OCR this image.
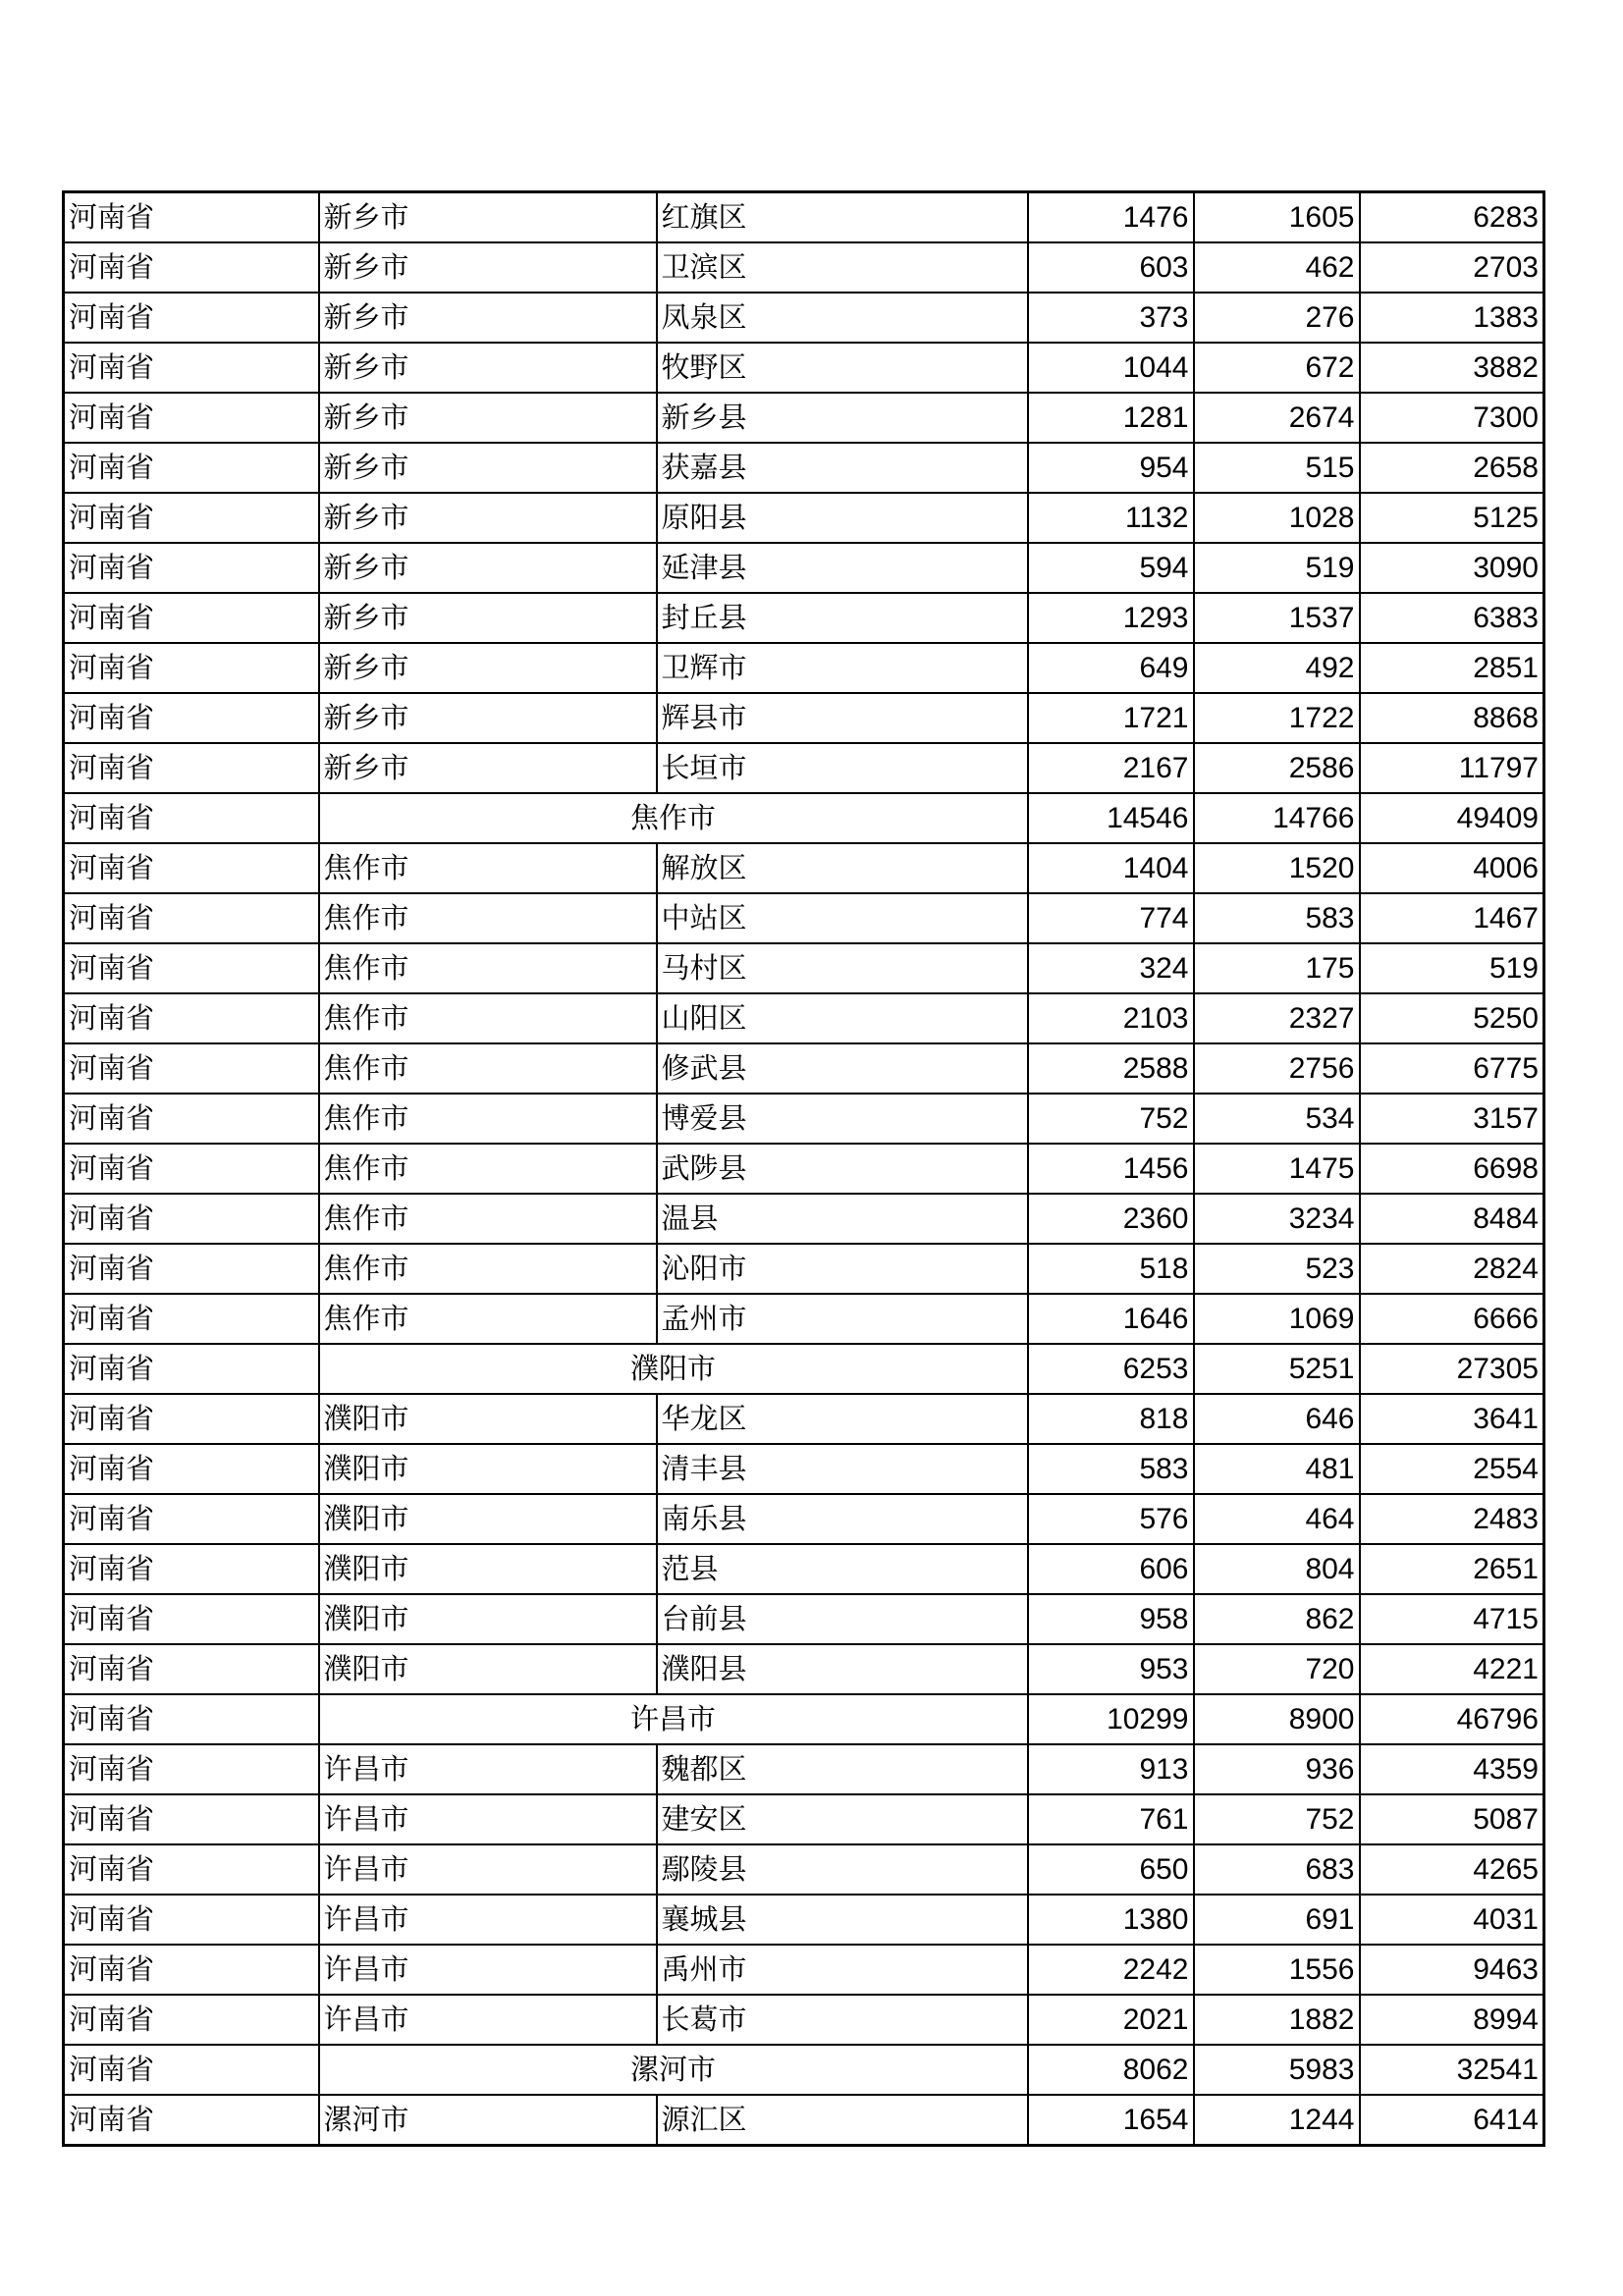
河南省	新乡市	红旗区	1476	1605	6283
河南省	新乡市	卫滨区	603	462	2703
河南省	新乡市	凤泉区	373	276	1383
河南省	新乡市	牧野区	1044	672	3882
河南省	新乡市	新乡县	1281	2674	7300
河南省	新乡市	获嘉县	954	515	2658
河南省	新乡市	原阳县	1132	1028	5125
河南省	新乡市	延津县	594	519	3090
河南省	新乡市	封丘县	1293	1537	6383
河南省	新乡市	卫辉市	649	492	2851
河南省	新乡市	辉县市	1721	1722	8868
河南省	新乡市	长垣市	2167	2586	11797
河南省	焦作市		14546	14766	49409
河南省	焦作市	解放区	1404	1520	4006
河南省	焦作市	中站区	774	583	1467
河南省	焦作市	马村区	324	175	519
河南省	焦作市	山阳区	2103	2327	5250
河南省	焦作市	修武县	2588	2756	6775
河南省	焦作市	博爱县	752	534	3157
河南省	焦作市	武陟县	1456	1475	6698
河南省	焦作市	温县	2360	3234	8484
河南省	焦作市	沁阳市	518	523	2824
河南省	焦作市	孟州市	1646	1069	6666
河南省	濮阳市		6253	5251	27305
河南省	濮阳市	华龙区	818	646	3641
河南省	濮阳市	清丰县	583	481	2554
河南省	濮阳市	南乐县	576	464	2483
河南省	濮阳市	范县	606	804	2651
河南省	濮阳市	台前县	958	862	4715
河南省	濮阳市	濮阳县	953	720	4221
河南省	许昌市		10299	8900	46796
河南省	许昌市	魏都区	913	936	4359
河南省	许昌市	建安区	761	752	5087
河南省	许昌市	鄢陵县	650	683	4265
河南省	许昌市	襄城县	1380	691	4031
河南省	许昌市	禹州市	2242	1556	9463
河南省	许昌市	长葛市	2021	1882	8994
河南省	漯河市		8062	5983	32541
河南省	漯河市	源汇区	1654	1244	6414
